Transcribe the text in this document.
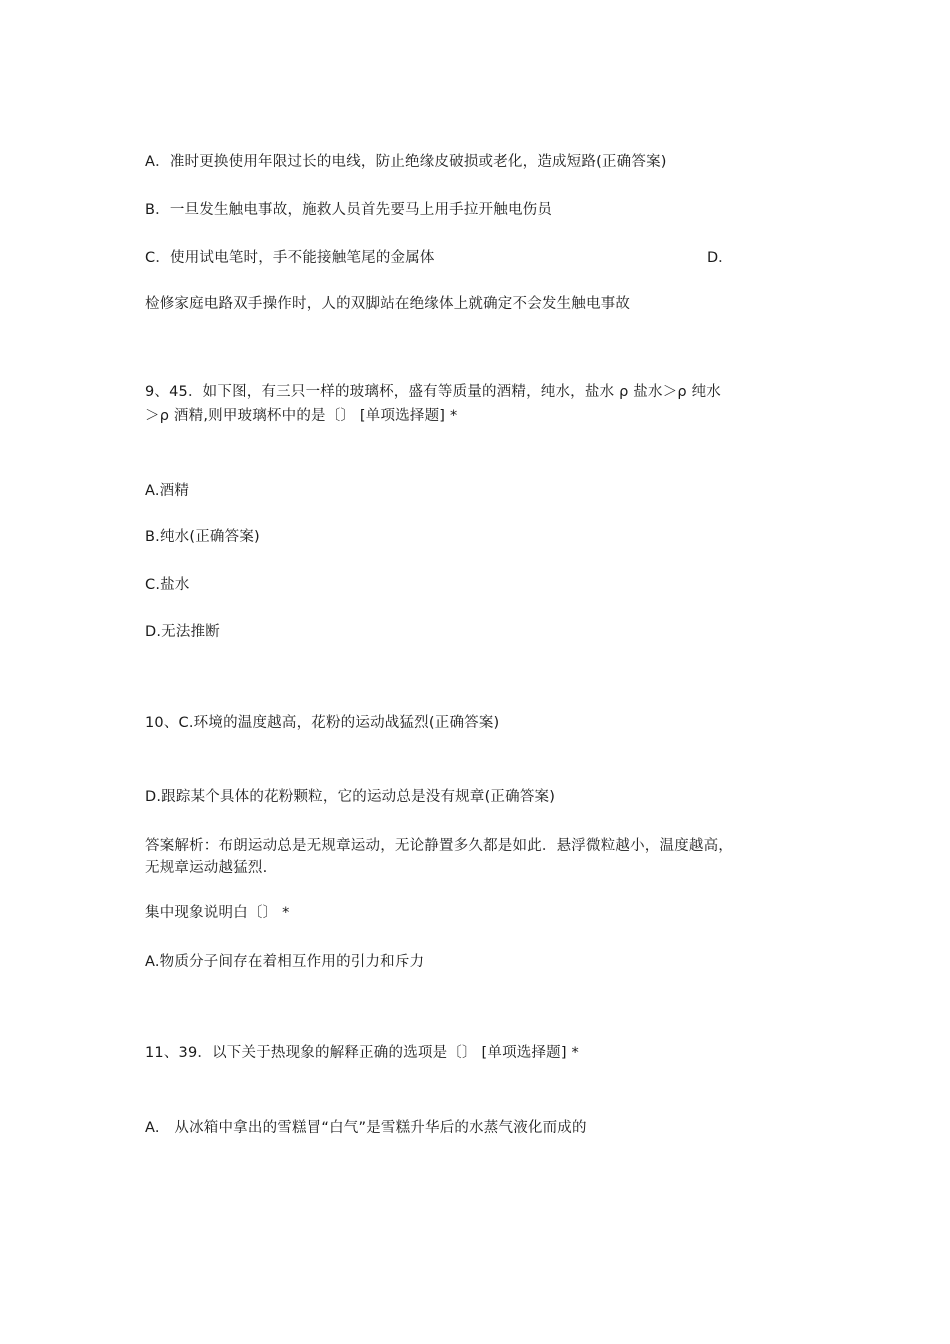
A．准时更换使用年限过长的电线，防止绝缘皮破损或老化，造成短路(正确答案)
B．一旦发生触电事故，施救人员首先要马上用手拉开触电伤员
C．使用试电笔时，手不能接触笔尾的金属体	D．
检修家庭电路双手操作时，人的双脚站在绝缘体上就确定不会发生触电事故
9、45．如下图，有三只一样的玻璃杯，盛有等质量的酒精，纯水，盐水 ρ 盐水＞ρ 纯水
＞ρ 酒精,则甲玻璃杯中的是〔〕 [单项选择题] *
A.酒精
B.纯水(正确答案)
C.盐水
D.无法推断
10、C.环境的温度越高，花粉的运动战猛烈(正确答案)
D.跟踪某个具体的花粉颗粒，它的运动总是没有规章(正确答案)
答案解析：布朗运动总是无规章运动，无论静置多久都是如此．悬浮微粒越小，温度越高，
无规章运动越猛烈.
集中现象说明白〔〕 *
A.物质分子间存在着相互作用的引力和斥力
11、39．以下关于热现象的解释正确的选项是〔〕 [单项选择题] *
A.　从冰箱中拿出的雪糕冒“白气”是雪糕升华后的水蒸气液化而成的
